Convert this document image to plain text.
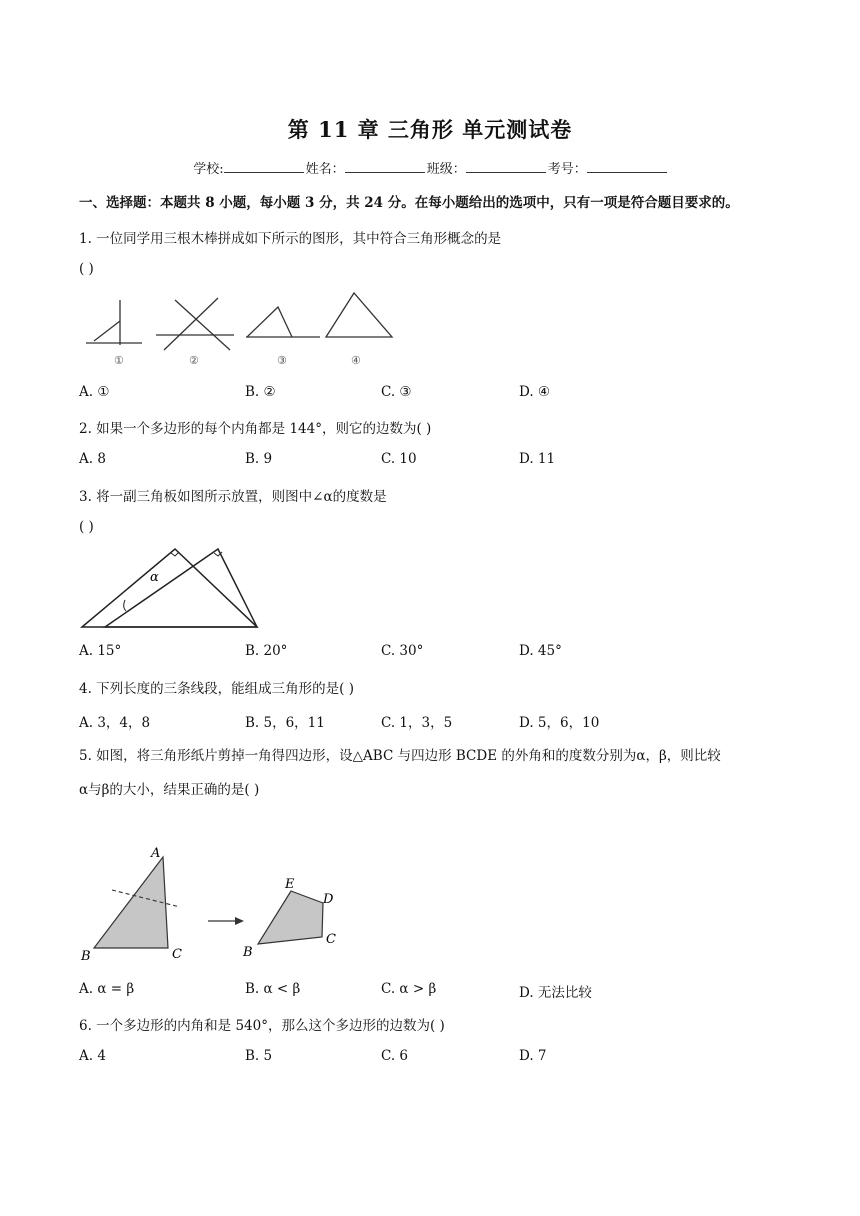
第 11 章 三角形 单元测试卷
学校:	姓名：	班级：	考号：
一、选择题：本题共 8 小题，每小题 3 分，共 24 分。在每小题给出的选项中，只有一项是符合题目要求的。
1. 一位同学用三根木棒拼成如下所示的图形，其中符合三角形概念的是
( )
①	②	③	④
A. ①	B. ②	C. ③	D. ④
2. 如果一个多边形的每个内角都是 144°，则它的边数为( )
A. 8	B. 9	C. 10	D. 11
3. 将一副三角板如图所示放置，则图中∠α的度数是
( )
α
A. 15°	B. 20°	C. 30°	D. 45°
4. 下列长度的三条线段，能组成三角形的是( )
A. 3，4，8	B. 5，6，11	C. 1，3，5	D. 5，6，10
5. 如图，将三角形纸片剪掉一角得四边形，设△ABC 与四边形 BCDE 的外角和的度数分别为α，β，则比较
α与β的大小，结果正确的是( )
A
B	C
E
D
C
B
A. α = β	B. α < β	C. α > β	D. 无法比较
6. 一个多边形的内角和是 540°，那么这个多边形的边数为( )
A. 4	B. 5	C. 6	D. 7
